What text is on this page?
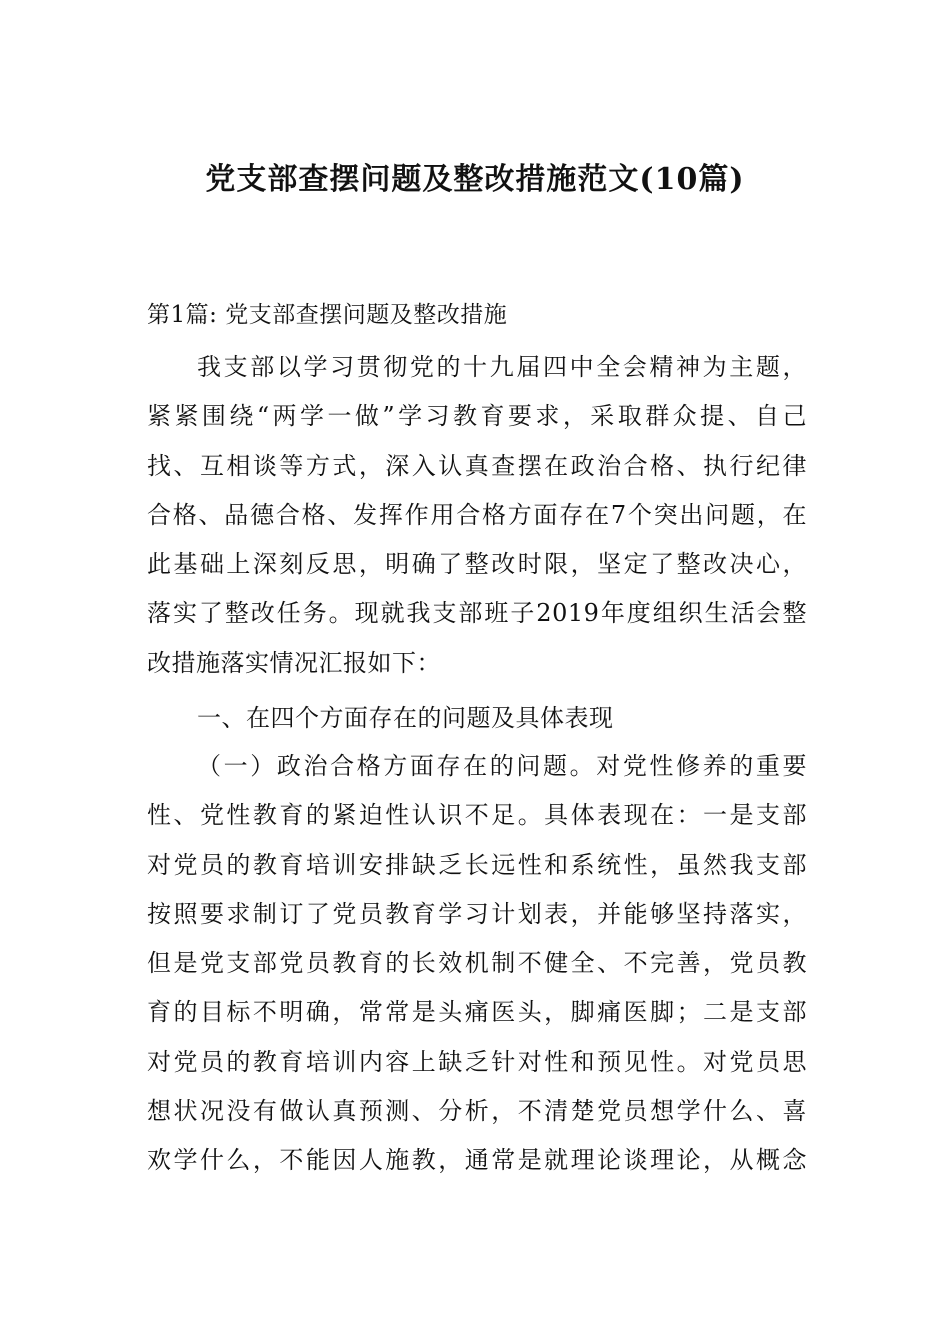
党支部查摆问题及整改措施范文(10篇)
第1篇: 党支部查摆问题及整改措施
我支部以学习贯彻党的十九届四中全会精神为主题，
紧紧围绕“两学一做”学习教育要求，采取群众提、自己
找、互相谈等方式，深入认真查摆在政治合格、执行纪律
合格、品德合格、发挥作用合格方面存在7个突出问题，在
此基础上深刻反思，明确了整改时限，坚定了整改决心，
落实了整改任务。现就我支部班子2019年度组织生活会整
改措施落实情况汇报如下：
一、在四个方面存在的问题及具体表现
（一）政治合格方面存在的问题。对党性修养的重要
性、党性教育的紧迫性认识不足。具体表现在：一是支部
对党员的教育培训安排缺乏长远性和系统性，虽然我支部
按照要求制订了党员教育学习计划表，并能够坚持落实，
但是党支部党员教育的长效机制不健全、不完善，党员教
育的目标不明确，常常是头痛医头，脚痛医脚；二是支部
对党员的教育培训内容上缺乏针对性和预见性。对党员思
想状况没有做认真预测、分析，不清楚党员想学什么、喜
欢学什么，不能因人施教，通常是就理论谈理论，从概念
